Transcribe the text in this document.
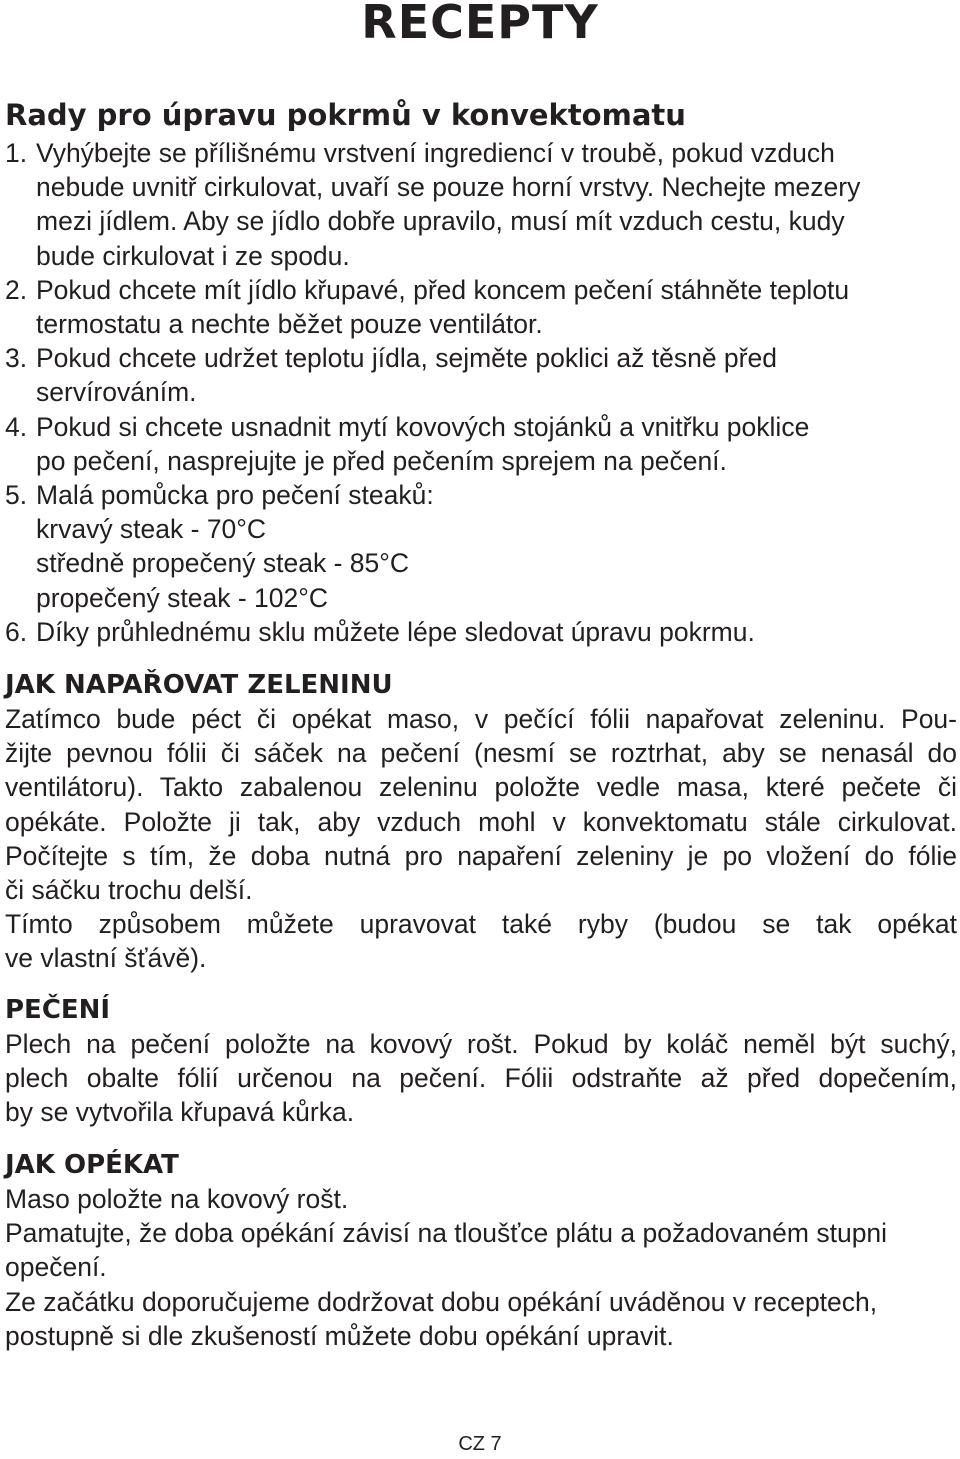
RECEPTY
Rady pro úpravu pokrmů v konvektomatu
1. Vyhýbejte se přílišnému vrstvení ingrediencí v troubě, pokud vzduch
nebude uvnitř cirkulovat, uvaří se pouze horní vrstvy. Nechejte mezery
mezi jídlem. Aby se jídlo dobře upravilo, musí mít vzduch cestu, kudy
bude cirkulovat i ze spodu.
2. Pokud chcete mít jídlo křupavé, před koncem pečení stáhněte teplotu
termostatu a nechte běžet pouze ventilátor.
3. Pokud chcete udržet teplotu jídla, sejměte poklici až těsně před
servírováním.
4. Pokud si chcete usnadnit mytí kovových stojánků a vnitřku poklice
po pečení, nasprejujte je před pečením sprejem na pečení.
5. Malá pomůcka pro pečení steaků:
krvavý steak - 70°C
středně propečený steak - 85°C
propečený steak - 102°C
6. Díky průhlednému sklu můžete lépe sledovat úpravu pokrmu.
JAK NAPAŘOVAT ZELENINU

Zatímco bude péct či opékat maso, v pečící fólii napařovat zeleninu. Pou-
žijte pevnou fólii či sáček na pečení (nesmí se roztrhat, aby se nenasál do
ventilátoru). Takto zabalenou zeleninu položte vedle masa, které pečete či
opékáte. Položte ji tak, aby vzduch mohl v konvektomatu stále cirkulovat.
Počítejte s tím, že doba nutná pro napaření zeleniny je po vložení do fólie
či sáčku trochu delší.
Tímto způsobem můžete upravovat také ryby (budou se tak opékat
ve vlastní šťávě).

PEČENÍ

Plech na pečení položte na kovový rošt. Pokud by koláč neměl být suchý,
plech obalte fólií určenou na pečení. Fólii odstraňte až před dopečením,
by se vytvořila křupavá kůrka.

JAK OPÉKAT

Maso položte na kovový rošt.
Pamatujte, že doba opékání závisí na tloušťce plátu a požadovaném stupni
opečení.
Ze začátku doporučujeme dodržovat dobu opékání uváděnou v receptech,
postupně si dle zkušeností můžete dobu opékání upravit.

CZ 7
